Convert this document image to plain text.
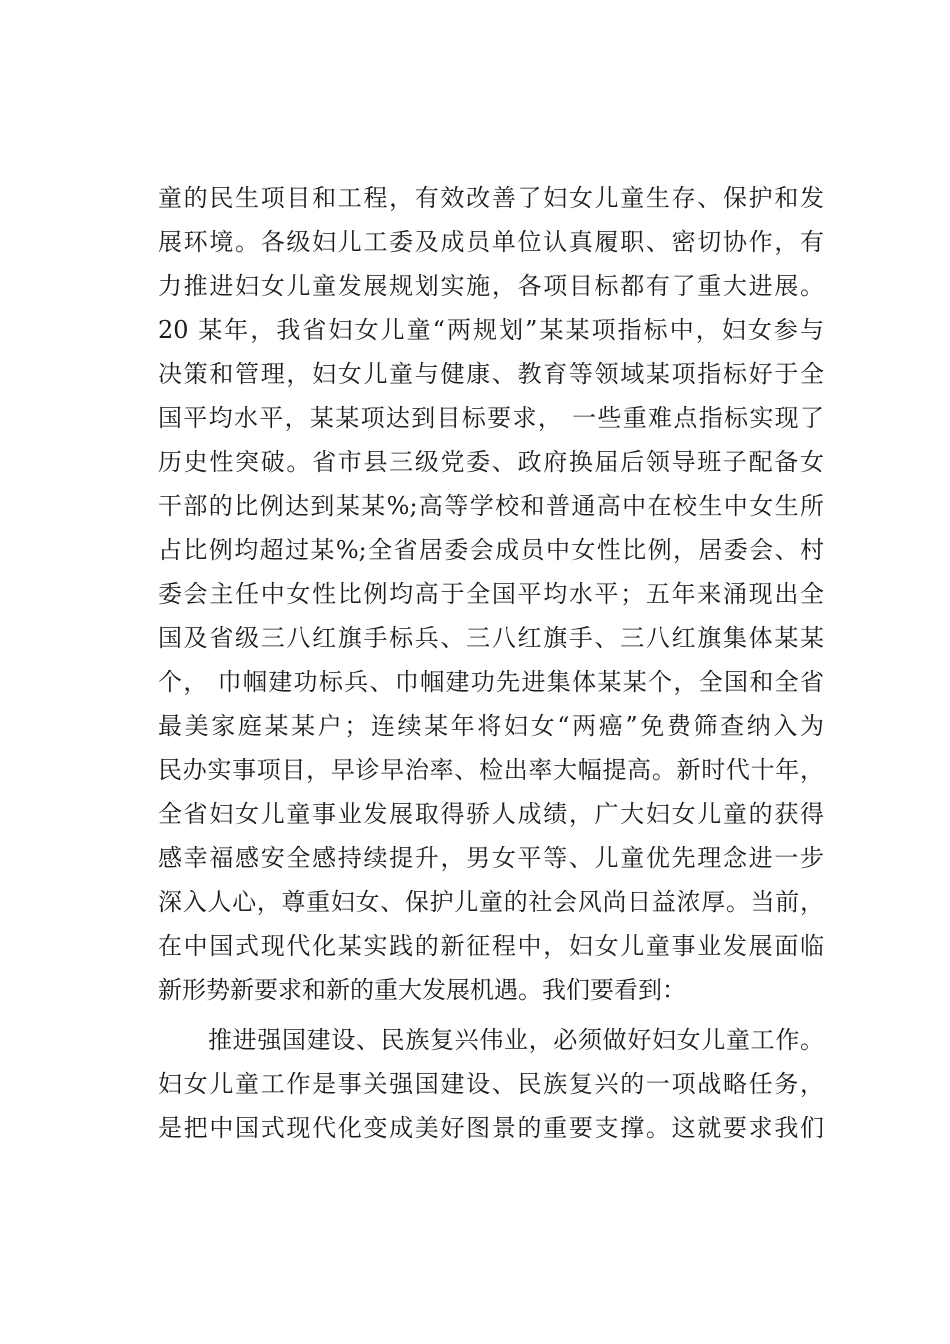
童的民生项目和工程，有效改善了妇女儿童生存、保护和发
展环境。各级妇儿工委及成员单位认真履职、密切协作，有
力推进妇女儿童发展规划实施，各项目标都有了重大进展。
20 某年，我省妇女儿童“两规划”某某项指标中，妇女参与
决策和管理，妇女儿童与健康、教育等领域某项指标好于全
国平均水平，某某项达到目标要求， 一些重难点指标实现了
历史性突破。省市县三级党委、政府换届后领导班子配备女
干部的比例达到某某%;高等学校和普通高中在校生中女生所
占比例均超过某%;全省居委会成员中女性比例，居委会、村
委会主任中女性比例均高于全国平均水平；五年来涌现出全
国及省级三八红旗手标兵、三八红旗手、三八红旗集体某某
个， 巾帼建功标兵、巾帼建功先进集体某某个，全国和全省
最美家庭某某户；连续某年将妇女“两癌”免费筛查纳入为
民办实事项目，早诊早治率、检出率大幅提高。新时代十年，
全省妇女儿童事业发展取得骄人成绩，广大妇女儿童的获得
感幸福感安全感持续提升，男女平等、儿童优先理念进一步
深入人心，尊重妇女、保护儿童的社会风尚日益浓厚。当前，
在中国式现代化某实践的新征程中，妇女儿童事业发展面临
新形势新要求和新的重大发展机遇。我们要看到：
推进强国建设、民族复兴伟业，必须做好妇女儿童工作。
妇女儿童工作是事关强国建设、民族复兴的一项战略任务，
是把中国式现代化变成美好图景的重要支撑。这就要求我们
